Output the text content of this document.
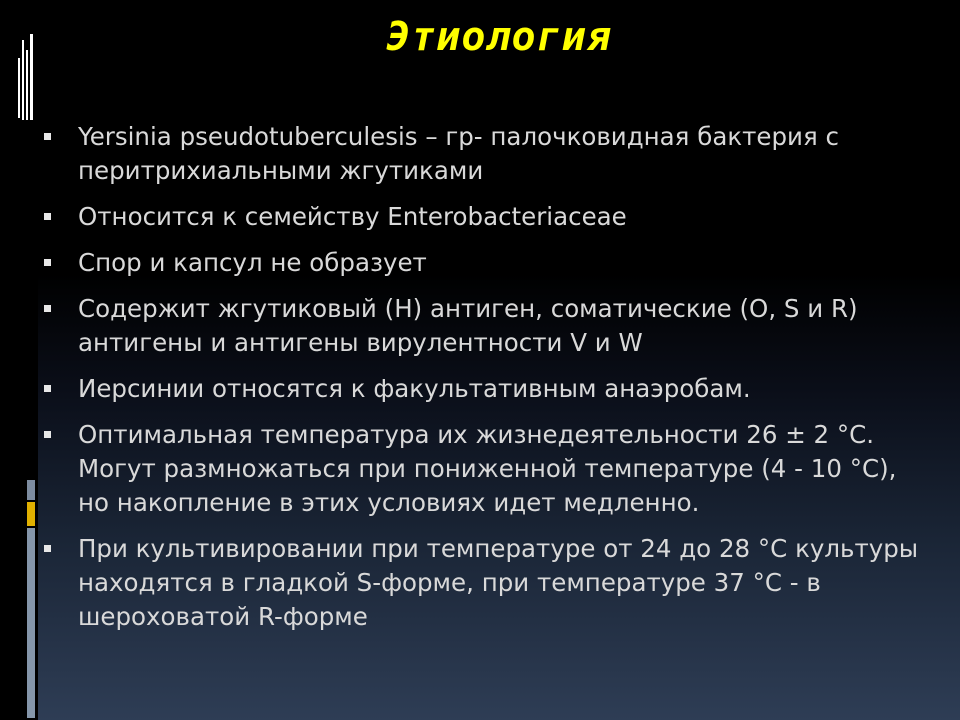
Этиология
Yersinia pseudotuberculesis – гр- палочковидная бактерия с перитрихиальными жгутиками
Относится к семейству Enterobacteriaceae
Спор и капсул не образует
Содержит жгутиковый (Н) антиген, соматические (О, S и R) антигены и антигены вирулентности V и W
Иерсинии относятся к факультативным анаэробам.
Оптимальная температура их жизнедеятельности 26 ± 2 °С. Могут размножаться при пониженной температуре (4 - 10 °С), но накопление в этих условиях идет медленно.
При культивировании при температуре от 24 до 28 °С культуры находятся в гладкой S-форме, при температуре 37 °С - в шероховатой R-форме
